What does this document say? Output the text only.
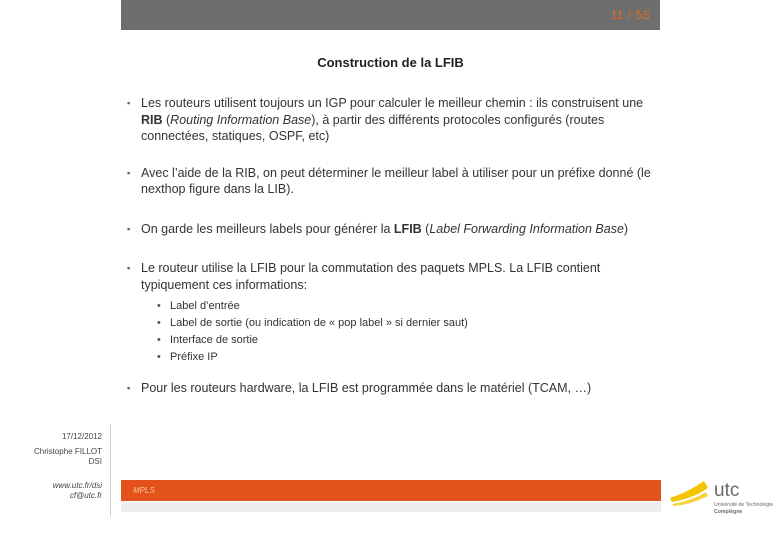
11 / 55
Construction de la LFIB
▪ Les routeurs utilisent toujours un IGP pour calculer le meilleur chemin : ils construisent une RIB (Routing Information Base), à partir des différents protocoles configurés (routes connectées, statiques, OSPF, etc)
▪ Avec l’aide de la RIB, on peut déterminer le meilleur label à utiliser pour un préfixe donné (le nexthop figure dans la LIB).
▪ On garde les meilleurs labels pour générer la LFIB (Label Forwarding Information Base)
▪ Le routeur utilise la LFIB pour la commutation des paquets MPLS. La LFIB contient typiquement ces informations:
• Label d’entrée
• Label de sortie (ou indication de « pop label » si dernier saut)
• Interface de sortie
• Préfixe IP
▪ Pour les routeurs hardware, la LFIB est programmée dans le matériel (TCAM, …)
17/12/2012
Christophe FILLOT
DSI
www.utc.fr/dsi
cf@utc.fr
MPLS	utc
Université de Technologie
Compiègne
